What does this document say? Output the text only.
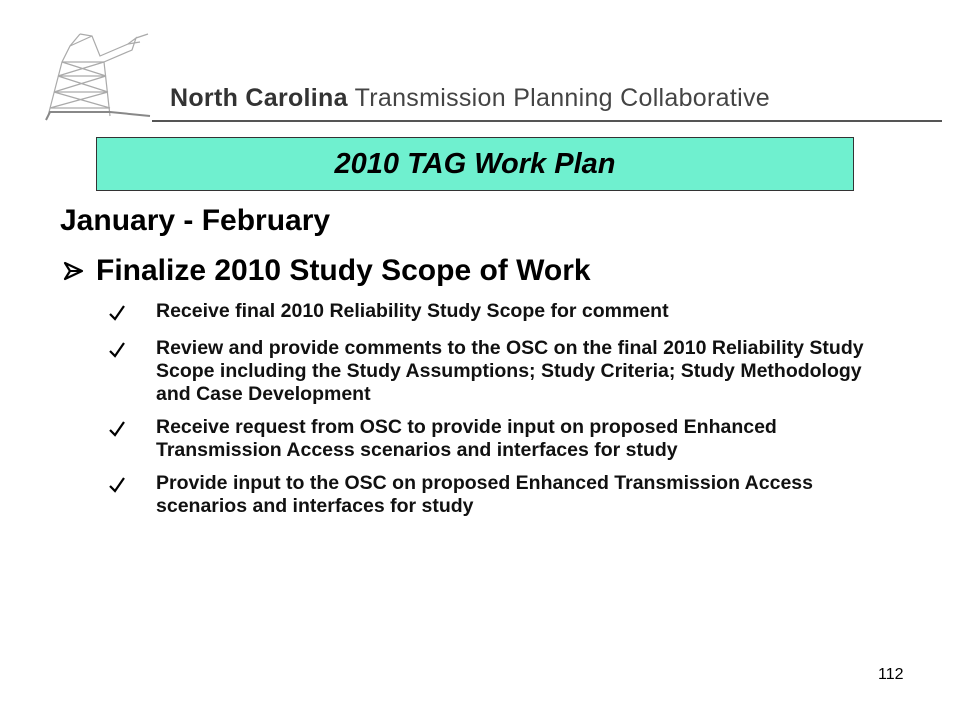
North Carolina Transmission Planning Collaborative
2010 TAG Work Plan
January - February
Finalize 2010 Study Scope of Work
Receive final 2010 Reliability Study Scope for comment
Review and provide comments to the OSC on the final 2010 Reliability Study Scope including the Study Assumptions; Study Criteria; Study Methodology and Case Development
Receive request from OSC to provide input on proposed Enhanced Transmission Access scenarios and interfaces for study
Provide input to the OSC on proposed Enhanced Transmission Access scenarios and interfaces for study
112
